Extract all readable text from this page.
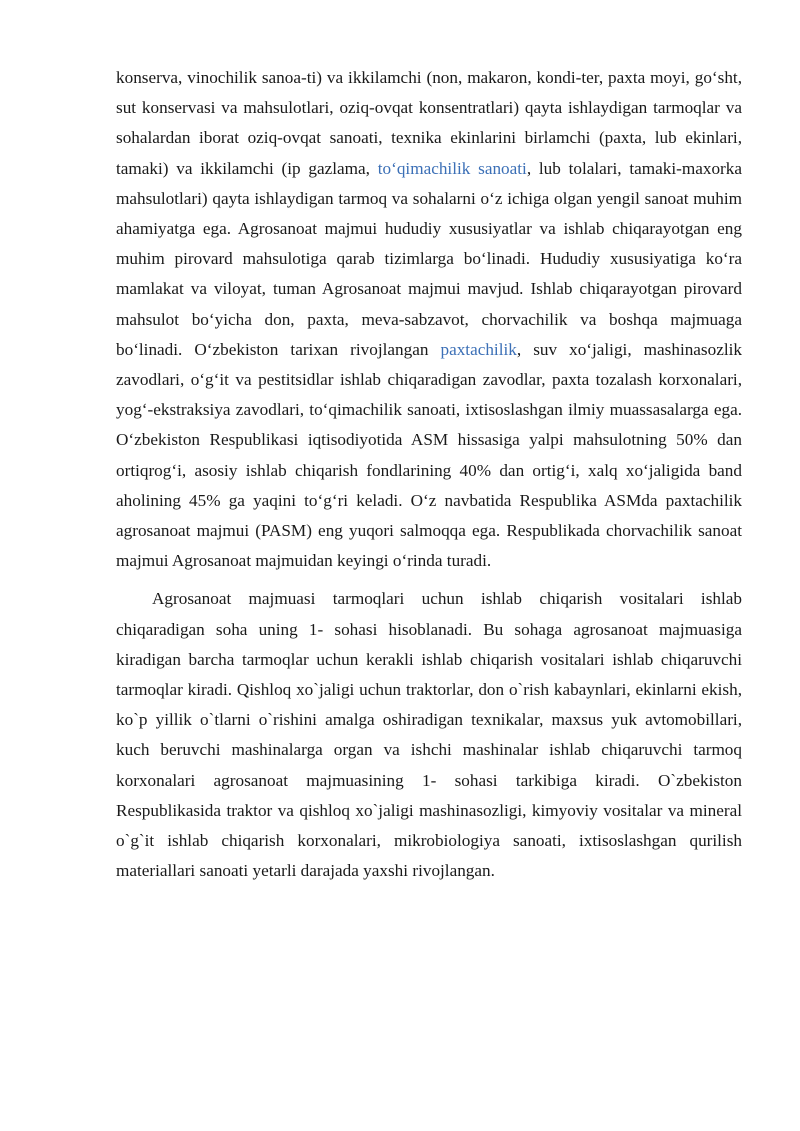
konserva, vinochilik sanoa-ti) va ikkilamchi (non, makaron, kondi-ter, paxta moyi, go‘sht, sut konservasi va mahsulotlari, oziq-ovqat konsentratlari) qayta ishlaydigan tarmoqlar va sohalardan iborat oziq-ovqat sanoati, texnika ekinlarini birlamchi (paxta, lub ekinlari, tamaki) va ikkilamchi (ip gazlama, to‘qimachilik sanoati, lub tolalari, tamaki-maxorka mahsulotlari) qayta ishlaydigan tarmoq va sohalarni o‘z ichiga olgan yengil sanoat muhim ahamiyatga ega. Agrosanoat majmui hududiy xususiyatlar va ishlab chiqarayotgan eng muhim pirovard mahsulotiga qarab tizimlarga bo‘linadi. Hududiy xususiyatiga ko‘ra mamlakat va viloyat, tuman Agrosanoat majmui mavjud. Ishlab chiqarayotgan pirovard mahsulot bo‘yicha don, paxta, meva-sabzavot, chorvachilik va boshqa majmuaga bo‘linadi. O‘zbekiston tarixan rivojlangan paxtachilik, suv xo‘jaligi, mashinasozlik zavodlari, o‘g‘it va pestitsidlar ishlab chiqaradigan zavodlar, paxta tozalash korxonalari, yog‘-ekstraksiya zavodlari, to‘qimachilik sanoati, ixtisoslashgan ilmiy muassasalarga ega. O‘zbekiston Respublikasi iqtisodiyotida ASM hissasiga yalpi mahsulotning 50% dan ortiqrog‘i, asosiy ishlab chiqarish fondlarining 40% dan ortig‘i, xalq xo‘jaligida band aholining 45% ga yaqini to‘g‘ri keladi. O‘z navbatida Respublika ASMda paxtachilik agrosanoat majmui (PASM) eng yuqori salmoqqa ega. Respublikada chorvachilik sanoat majmui Agrosanoat majmuidan keyingi o‘rinda turadi.

Agrosanoat majmuasi tarmoqlari uchun ishlab chiqarish vositalari ishlab chiqaradigan soha uning 1- sohasi hisoblanadi. Bu sohaga agrosanoat majmuasiga kiradigan barcha tarmoqlar uchun kerakli ishlab chiqarish vositalari ishlab chiqaruvchi tarmoqlar kiradi. Qishloq xo`jaligi uchun traktorlar, don o`rish kabaynlari, ekinlarni ekish, ko`p yillik o`tlarni o`rishini amalga oshiradigan texnikalar, maxsus yuk avtomobillari, kuch beruvchi mashinalarga organ va ishchi mashinalar ishlab chiqaruvchi tarmoq korxonalari agrosanoat majmuasining 1- sohasi tarkibiga kiradi. O`zbekiston Respublikasida traktor va qishloq xo`jaligi mashinasozligi, kimyoviy vositalar va mineral o`g`it ishlab chiqarish korxonalari, mikrobiologiya sanoati, ixtisoslashgan qurilish materiallari sanoati yetarli darajada yaxshi rivojlangan.
